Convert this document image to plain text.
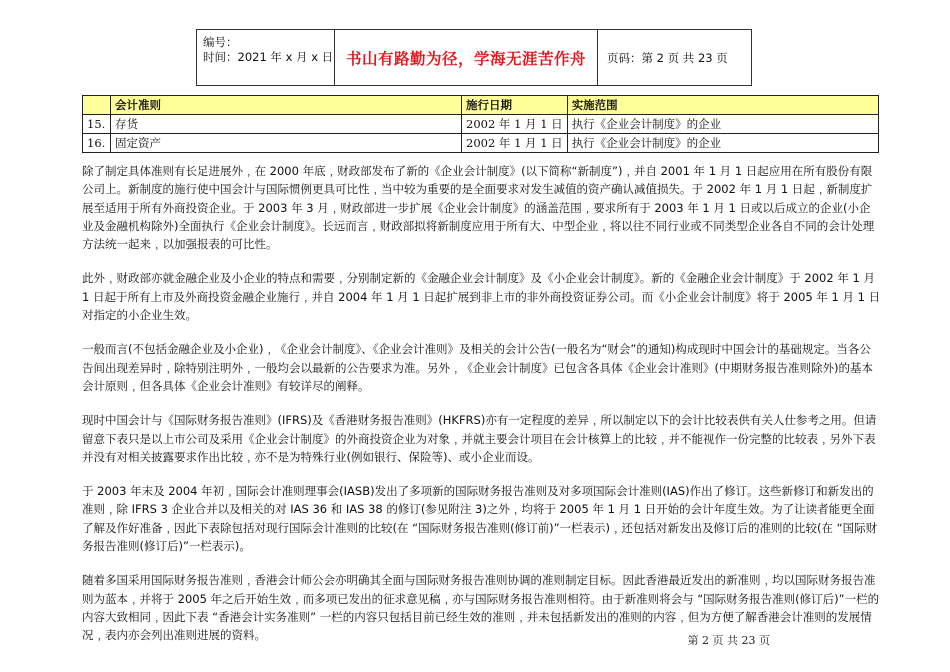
编号：
时间：2021 年 x 月 x 日 书山有路勤为径，学海无涯苦作舟	页码：第 2 页 共 23 页
	会计准则	施行日期	实施范围
15.	存货	2002 年 1 月 1 日	执行《企业会计制度》的企业
16.	固定资产	2002 年 1 月 1 日	执行《企业会计制度》的企业

除了制定具体准则有长足进展外﹐在 2000 年底﹐财政部发布了新的《企业会计制度》(以下简称“新制度”)﹐并自 2001 年 1 月 1 日起应用在所有股份有限公司上。新制度的施行使中国会计与国际惯例更具可比性﹐当中较为重要的是全面要求对发生减值的资产确认减值损失。于 2002 年 1 月 1 日起﹐新制度扩展至适用于所有外商投资企业。于 2003 年 3 月﹐财政部进一步扩展《企业会计制度》的涵盖范围﹐要求所有于 2003 年 1 月 1 日或以后成立的企业(小企业及金融机构除外)全面执行《企业会计制度》。长远而言﹐财政部拟将新制度应用于所有大、中型企业﹐将以往不同行业或不同类型企业各自不同的会计处理方法统一起来﹐以加强报表的可比性。

此外﹐财政部亦就金融企业及小企业的特点和需要﹐分别制定新的《金融企业会计制度》及《小企业会计制度》。新的《金融企业会计制度》于 2002 年 1 月 1 日起于所有上市及外商投资金融企业施行﹐并自 2004 年 1 月 1 日起扩展到非上市的非外商投资证券公司。而《小企业会计制度》将于 2005 年 1 月 1 日对指定的小企业生效。

一般而言(不包括金融企业及小企业)﹐《企业会计制度》、《企业会计准则》及相关的会计公告(一般名为“财会”的通知)构成现时中国会计的基础规定。当各公告间出现差异时﹐除特别注明外﹐一般均会以最新的公告要求为准。另外﹐《企业会计制度》已包含各具体《企业会计准则》(中期财务报告准则除外)的基本会计原则﹐但各具体《企业会计准则》有较详尽的阐释。

现时中国会计与《国际财务报告准则》(IFRS)及《香港财务报告准则》(HKFRS)亦有一定程度的差异﹐所以制定以下的会计比较表供有关人仕参考之用。但请留意下表只是以上市公司及采用《企业会计制度》的外商投资企业为对象﹐并就主要会计项目在会计核算上的比较﹐并不能视作一份完整的比较表﹐另外下表并没有对相关披露要求作出比较﹐亦不是为特殊行业(例如银行、保险等)、或小企业而设。

于 2003 年末及 2004 年初﹐国际会计准则理事会(IASB)发出了多项新的国际财务报告准则及对多项国际会计准则(IAS)作出了修订。这些新修订和新发出的准则﹐除 IFRS 3 企业合并以及相关的对 IAS 36 和 IAS 38 的修订(参见附注 3)之外﹐均将于 2005 年 1 月 1 日开始的会计年度生效。为了让读者能更全面了解及作好准备﹐因此下表除包括对现行国际会计准则的比较(在 “国际财务报告准则(修订前)”一栏表示)﹐还包括对新发出及修订后的准则的比较(在 “国际财务报告准则(修订后)”一栏表示)。

随着多国采用国际财务报告准则﹐香港会计师公会亦明确其全面与国际财务报告准则协调的准则制定目标。因此香港最近发出的新准则﹐均以国际财务报告准则为蓝本﹐并将于 2005 年之后开始生效﹐而多项已发出的征求意见稿﹐亦与国际财务报告准则相符。由于新准则将会与 “国际财务报告准则(修订后)”一栏的内容大致相同﹐因此下表 “香港会计实务准则” 一栏的内容只包括目前已经生效的准则﹐并未包括新发出的准则的内容﹐但为方便了解香港会计准则的发展情况﹐表内亦会列出准则进展的资料。	第 2 页 共 23 页
